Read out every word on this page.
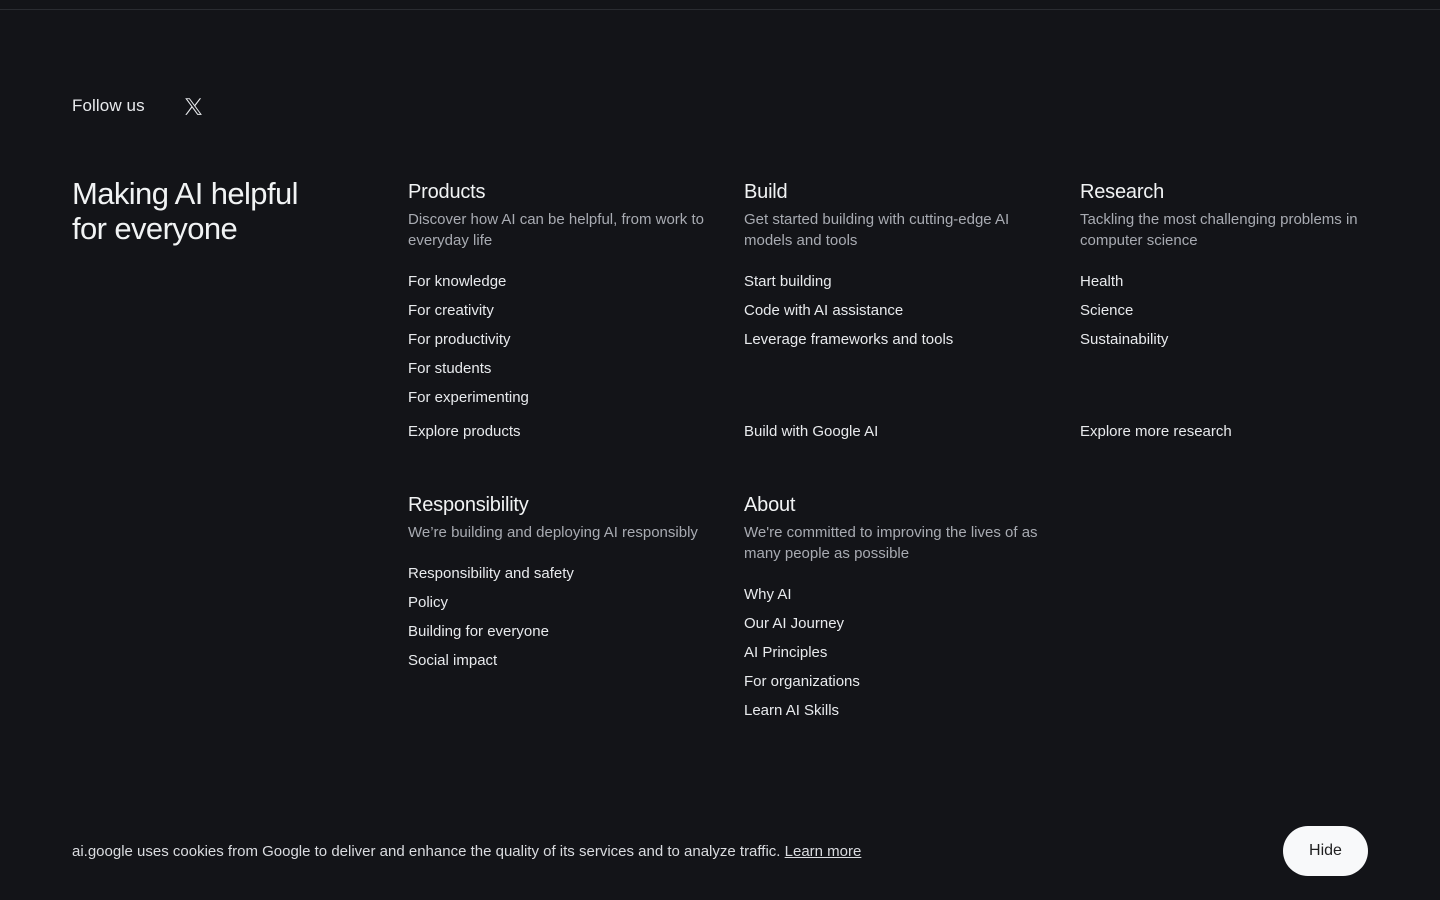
Follow us
Making AI helpful
for everyone
Products

Discover how AI can be helpful, from work to everyday life

For knowledge
For creativity
For productivity
For students
For experimenting
Explore products
Build

Get started building with cutting-edge AI models and tools

Start building
Code with AI assistance
Leverage frameworks and tools
Build with Google AI
Research

Tackling the most challenging problems in computer science

Health
Science
Sustainability
Explore more research
Responsibility

We’re building and deploying AI responsibly

Responsibility and safety
Policy
Building for everyone
Social impact
About

We're committed to improving the lives of as many people as possible

Why AI
Our AI Journey
AI Principles
For organizations
Learn AI Skills

ai.google uses cookies from Google to deliver and enhance the quality of its services and to analyze traffic. Learn more	Hide
